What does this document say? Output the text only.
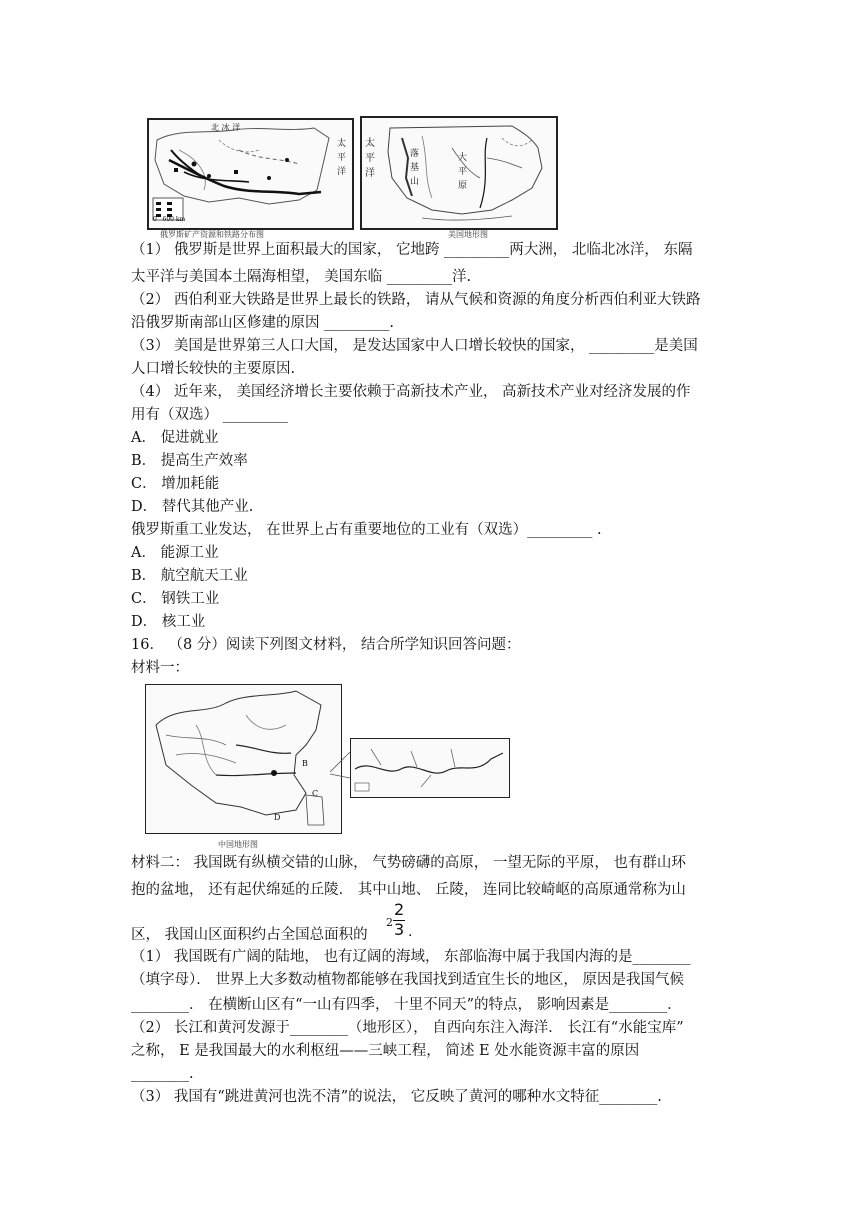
北 冰 洋
太
平
洋
0   600 km
俄罗斯矿产资源和铁路分布图
太
平
洋
落
基
山
大
平
原
美国地形图
（1） 俄罗斯是世界上面积最大的国家， 它地跨 _________两大洲， 北临北冰洋， 东隔
太平洋与美国本土隔海相望， 美国东临 _________洋.
（2） 西伯利亚大铁路是世界上最长的铁路， 请从气候和资源的角度分析西伯利亚大铁路
沿俄罗斯南部山区修建的原因 _________.
（3） 美国是世界第三人口大国， 是发达国家中人口增长较快的国家， _________是美国
人口增长较快的主要原因.
（4） 近年来， 美国经济增长主要依赖于高新技术产业， 高新技术产业对经济发展的作
用有（双选） _________
A． 促进就业
B． 提高生产效率
C． 增加耗能
D． 替代其他产业.
俄罗斯重工业发达， 在世界上占有重要地位的工业有（双选）_________ .
A． 能源工业
B． 航空航天工业
C． 钢铁工业
D． 核工业
16． （8 分）阅读下列图文材料， 结合所学知识回答问题：
材料一：
B
C
D
中国地形图
材料二： 我国既有纵横交错的山脉， 气势磅礴的高原， 一望无际的平原， 也有群山环
抱的盆地， 还有起伏绵延的丘陵． 其中山地、 丘陵， 连同比较崎岖的高原通常称为山
区， 我国山区面积约占全国总面积的
2
2
3 .
（1） 我国既有广阔的陆地， 也有辽阔的海域， 东部临海中属于我国内海的是________
（填字母）． 世界上大多数动植物都能够在我国找到适宜生长的地区， 原因是我国气候
________． 在横断山区有“一山有四季， 十里不同天”的特点， 影响因素是________．
（2） 长江和黄河发源于________（地形区）， 自西向东注入海洋． 长江有“水能宝库”
之称， E 是我国最大的水利枢纽——三峡工程， 简述 E 处水能资源丰富的原因
________.
（3） 我国有“跳进黄河也洗不清”的说法， 它反映了黄河的哪种水文特征________.
